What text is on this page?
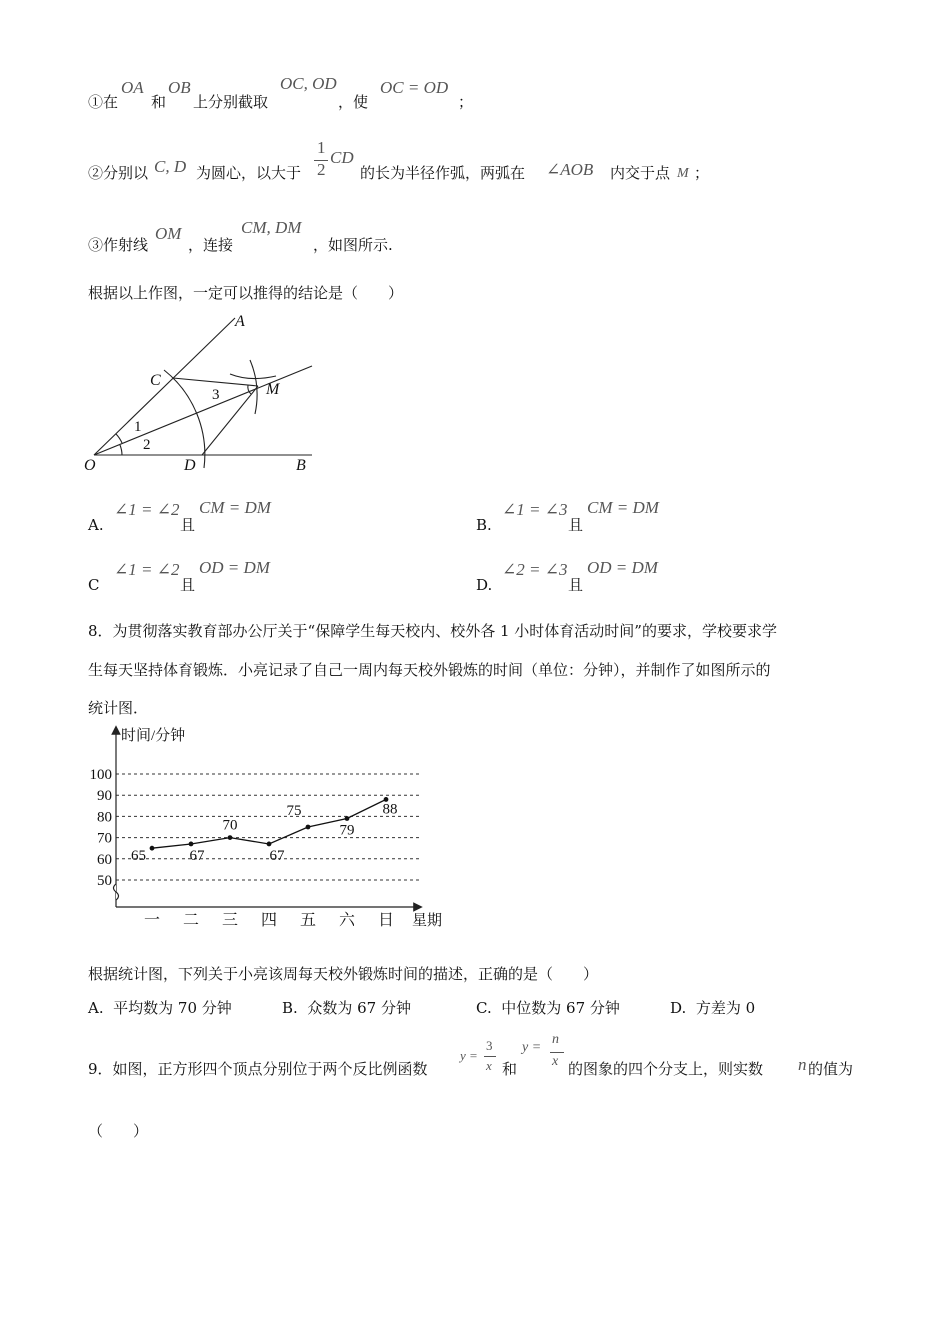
①在
OA
和
OB
上分别截取
OC, OD
，使
OC = OD
；
②分别以 C, D 为圆心，以大于
1
2
CD
的长为半径作弧，两弧在 ∠AOB 内交于点 M ；
③作射线
OM
，连接
CM, DM
，如图所示.
根据以上作图，一定可以推得的结论是（　　）
A
C
M
O	D	B
1
2
3
A.
∠1 = ∠2
且
CM = DM
B.
∠1 = ∠3
且
CM = DM
C
∠1 = ∠2
且
OD = DM
D.
∠2 = ∠3
且
OD = DM
8．为贯彻落实教育部办公厅关于“保障学生每天校内、校外各 1 小时体育活动时间”的要求，学校要求学
生每天坚持体育锻炼．小亮记录了自己一周内每天校外锻炼的时间（单位：分钟），并制作了如图所示的
统计图．
时间/分钟
星期
50
60
70
80
90
100
一 二 三 四 五 六 日
65	67
70
67
75
79
88
根据统计图，下列关于小亮该周每天校外锻炼时间的描述，正确的是（　　）
A. 平均数为 70 分钟	B. 众数为 67 分钟	C. 中位数为 67 分钟	D. 方差为 0
9．如图，正方形四个顶点分别位于两个反比例函数
y =
3
x 和
y =
n
x 的图象的四个分支上，则实数 n 的值为
（　　）
